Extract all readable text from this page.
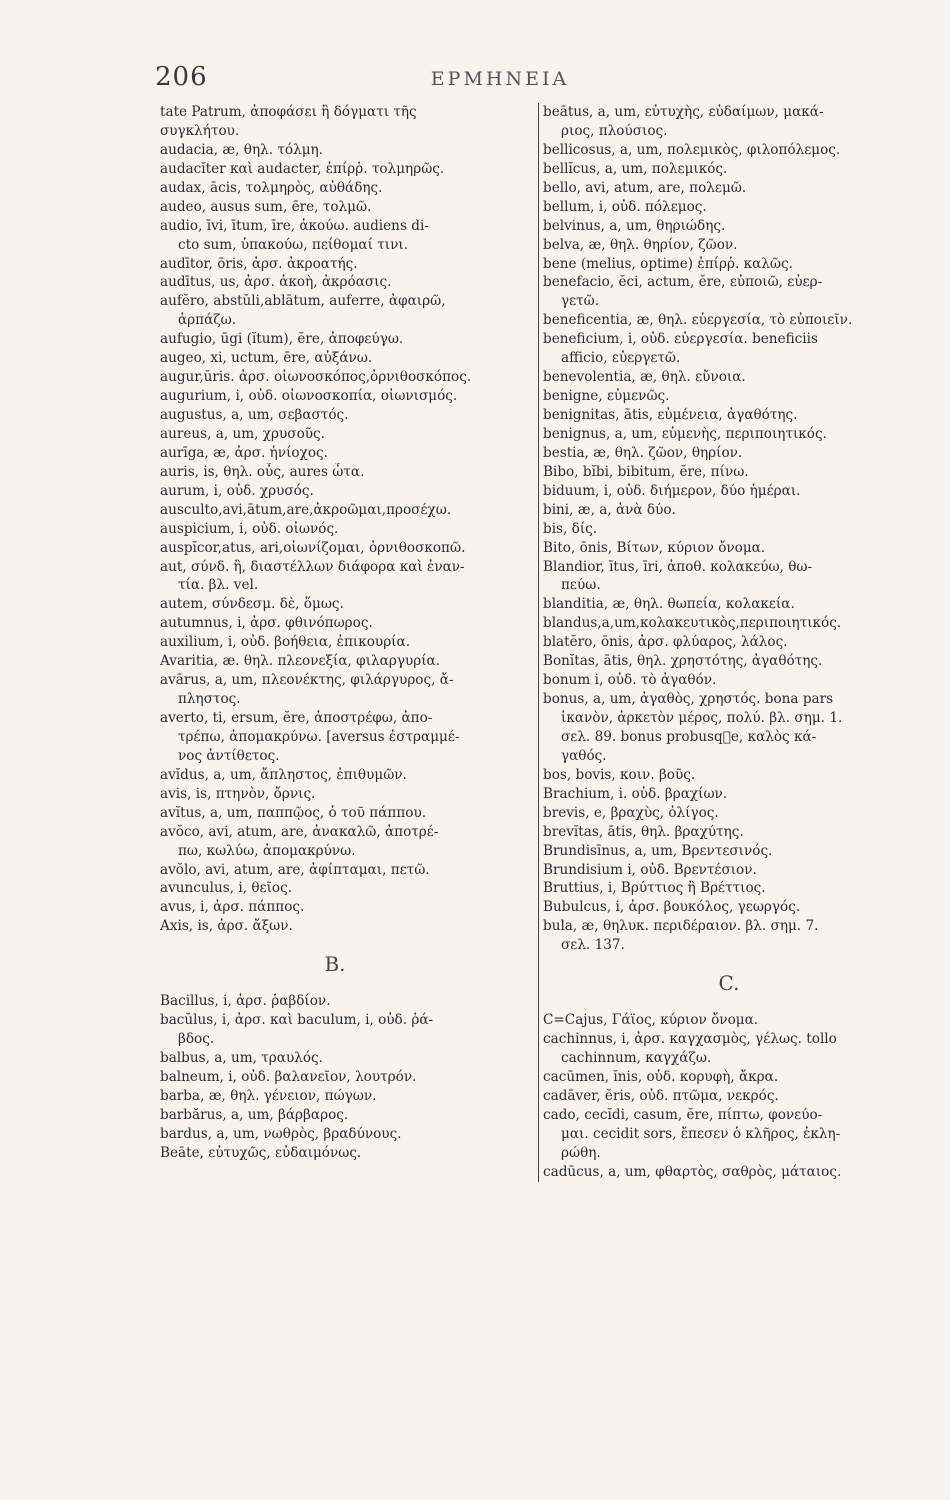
206	ΕΡΜΗΝΕΙΑ
tate Patrum, ἀποφάσει ἢ δόγματι τῆς
συγκλήτου.
audacia, æ, θηλ. τόλμη.
audacĭter καὶ audacter, ἐπίρῥ. τολμηρῶς.
audax, ācis, τολμηρὸς, αὐθάδης.
audeo, ausus sum, ēre, τολμῶ.
audio, īvi, ītum, īre, ἀκούω. audiens di-
cto sum, ὑπακούω, πείθομαί τινι.
audītor, ōris, ἀρσ. ἀκροατής.
audītus, us, ἀρσ. ἀκοὴ, ἀκρόασις.
aufĕro, abstŭli,ablātum, auferre, ἀφαιρῶ,
ἁρπάζω.
aufugio, ūgi (ĭtum), ĕre, ἀποφεύγω.
augeo, xi, uctum, ēre, αὐξάνω.
augur,ŭris. ἀρσ. οἰωνοσκόπος,ὀρνιθοσκόπος.
augurium, i, οὐδ. οἰωνοσκοπία, οἰωνισμός.
augustus, a, um, σεβαστός.
aureus, a, um, χρυσοῦς.
aurīga, æ, ἀρσ. ἡνίοχος.
auris, is, θηλ. οὖς, aures ὦτα.
aurum, i, οὐδ. χρυσός.
ausculto,avi,ātum,are,ἀκροῶμαι,προσέχω.
auspicium, i, οὐδ. οἰωνός.
auspĭcor,atus, ari,οἰωνίζομαι, ὀρνιθοσκοπῶ.
aut, σύνδ. ἢ, διαστέλλων διάφορα καὶ ἐναν-
τία. βλ. vel.
autem, σύνδεσμ. δὲ, ὅμως.
autumnus, i, ἀρσ. φθινόπωρος.
auxilium, i, οὐδ. βοήθεια, ἐπικουρία.
Avaritia, æ. θηλ. πλεονεξία, φιλαργυρία.
avārus, a, um, πλεονέκτης, φιλάργυρος, ἄ-
πληστος.
averto, ti, ersum, ĕre, ἀποστρέφω, ἀπο-
τρέπω, ἀπομακρύνω. [aversus ἐστραμμέ-
νος ἀντίθετος.
avĭdus, a, um, ἄπληστος, ἐπιθυμῶν.
avis, is, πτηνὸν, ὄρνις.
avĭtus, a, um, παππῷος, ὁ τοῦ πάππου.
avŏco, avi, atum, are, ἀνακαλῶ, ἀποτρέ-
πω, κωλύω, ἀπομακρύνω.
avŏlo, avi, atum, are, ἀφίπταμαι, πετῶ.
avunculus, i, θεῖος.
avus, i, ἀρσ. πάππος.
Axis, is, ἀρσ. ἄξων.
B.
Bacillus, i, ἀρσ. ῥαβδίον.
bacŭlus, i, ἀρσ. καὶ baculum, i, οὐδ. ῥά-
βδος.
balbus, a, um, τραυλός.
balneum, i, οὐδ. βαλανεῖον, λουτρόν.
barba, æ, θηλ. γένειον, πώγων.
barbărus, a, um, βάρβαρος.
bardus, a, um, νωθρὸς, βραδύνους.
Beāte, εὐτυχῶς, εὐδαιμόνως.
beātus, a, um, εὐτυχὴς, εὐδαίμων, μακά-
ριος, πλούσιος.
bellicosus, a, um, πολεμικὸς, φιλοπόλεμος.
bellĭcus, a, um, πολεμικός.
bello, avi, atum, are, πολεμῶ.
bellum, i, οὐδ. πόλεμος.
belvinus, a, um, θηριώδης.
belva, æ, θηλ. θηρίον, ζῶον.
bene (melius, optime) ἐπίρῥ. καλῶς.
benefacio, ĕci, actum, ĕre, εὐποιῶ, εὐερ-
γετῶ.
beneficentia, æ, θηλ. εὐεργεσία, τὸ εὐποιεῖν.
beneficium, i, οὐδ. εὐεργεσία. beneficiis
afficio, εὐεργετῶ.
benevolentia, æ, θηλ. εὔνοια.
benigne, εὐμενῶς.
benignitas, ātis, εὐμένεια, ἀγαθότης.
benignus, a, um, εὐμενὴς, περιποιητικός.
bestia, æ, θηλ. ζῶον, θηρίον.
Bibo, bĭbi, bibitum, ĕre, πίνω.
biduum, i, οὐδ. διήμερον, δύο ἡμέραι.
bini, æ, a, ἀνὰ δύο.
bis, δίς.
Bito, ōnis, Βίτων, κύριον ὄνομα.
Blandior, ītus, īri, ἀποθ. κολακεύω, θω-
πεύω.
blanditia, æ, θηλ. θωπεία, κολακεία.
blandus,a,um,κολακευτικὸς,περιποιητικός.
blatĕro, ōnis, ἀρσ. φλύαρος, λάλος.
Bonĭtas, ātis, θηλ. χρηστότης, ἀγαθότης.
bonum i, οὐδ. τὸ ἀγαθόν.
bonus, a, um, ἀγαθὸς, χρηστός. bona pars
ἱκανὸν, ἀρκετὸν μέρος, πολύ. βλ. σημ. 1.
σελ. 89. bonus probusq᷑e, καλὸς κά-
γαθός.
bos, bovis, κοιν. βοῦς.
Brachium, i. οὐδ. βραχίων.
brevis, e, βραχὺς, ὀλίγος.
brevĭtas, ātis, θηλ. βραχύτης.
Brundisīnus, a, um, Βρεντεσινός.
Brundisium i, οὐδ. Βρεντέσιον.
Bruttius, i, Βρύττιος ἢ Βρέττιος.
Bubulcus, i, ἀρσ. βουκόλος, γεωργός.
bula, æ, θηλυκ. περιδέραιον. βλ. σημ. 7.
σελ. 137.
C.
C=Cajus, Γάϊος, κύριον ὄνομα.
cachinnus, i, ἀρσ. καγχασμὸς, γέλως. tollo
cachinnum, καγχάζω.
cacūmen, ĭnis, οὐδ. κορυφὴ, ἄκρα.
cadāver, ĕris, οὐδ. πτῶμα, νεκρός.
cado, cecĭdi, casum, ĕre, πίπτω, φονεύο-
μαι. cecidit sors, ἔπεσεν ὁ κλῆρος, ἐκλη-
ρώθη.
cadūcus, a, um, φθαρτὸς, σαθρὸς, μάταιος.
